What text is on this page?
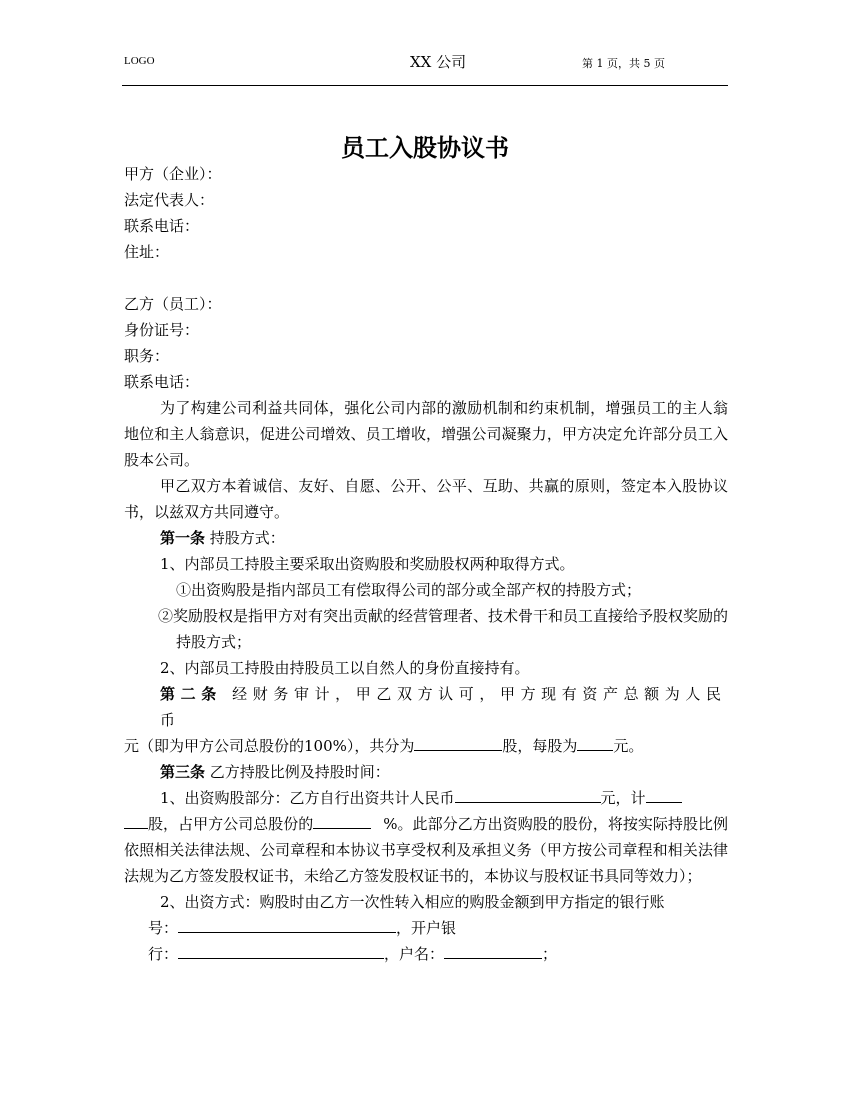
LOGO	XX 公司	第 1 页，共 5 页
员工入股协议书
甲方（企业）：
法定代表人：
联系电话：
住址：
乙方（员工）：
身份证号：
职务：
联系电话：
为了构建公司利益共同体，强化公司内部的激励机制和约束机制，增强员工的主人翁地位和主人翁意识，促进公司增效、员工增收，增强公司凝聚力，甲方决定允许部分员工入股本公司。
甲乙双方本着诚信、友好、自愿、公开、公平、互助、共赢的原则，签定本入股协议书，以兹双方共同遵守。
第一条 持股方式：
1、内部员工持股主要采取出资购股和奖励股权两种取得方式。
①出资购股是指内部员工有偿取得公司的部分或全部产权的持股方式；
②奖励股权是指甲方对有突出贡献的经营管理者、技术骨干和员工直接给予股权奖励的持股方式；
2、内部员工持股由持股员工以自然人的身份直接持有。
第二条 经财务审计，甲乙双方认可，甲方现有资产总额为人民币
元（即为甲方公司总股份的100%），共分为	股，每股为 元。
第三条 乙方持股比例及持股时间：
1、出资购股部分：乙方自行出资共计人民币	元，计
股，占甲方公司总股份的	%。此部分乙方出资购股的股份，将按实际持股比例依照相关法律法规、公司章程和本协议书享受权利及承担义务（甲方按公司章程和相关法律法规为乙方签发股权证书，未给乙方签发股权证书的，本协议与股权证书具同等效力）；
2、出资方式：购股时由乙方一次性转入相应的购股金额到甲方指定的银行账
号：	，开户银
行：	，户名：	；
